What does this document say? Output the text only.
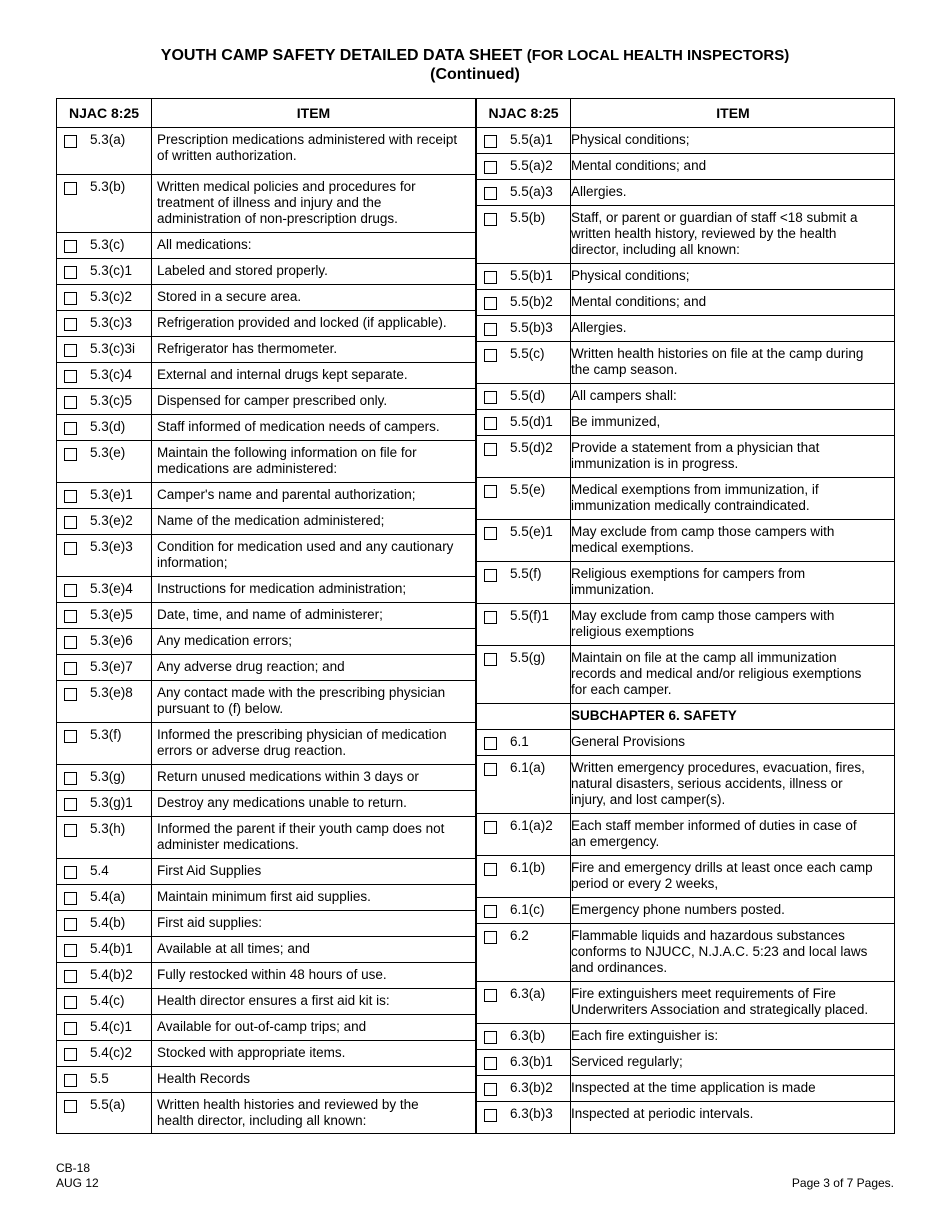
YOUTH CAMP SAFETY DETAILED DATA SHEET (FOR LOCAL HEALTH INSPECTORS)
(Continued)
NJAC 8:25	ITEM	NJAC 8:25	ITEM
5.3(a) Prescription medications administered with receipt
of written authorization.
5.3(b) Written medical policies and procedures for
treatment of illness and injury and the
administration of non-prescription drugs.
5.3(c) All medications:
5.3(c)1 Labeled and stored properly.
5.3(c)2 Stored in a secure area.
5.3(c)3 Refrigeration provided and locked (if applicable).
5.3(c)3i Refrigerator has thermometer.
5.3(c)4 External and internal drugs kept separate.
5.3(c)5 Dispensed for camper prescribed only.
5.3(d) Staff informed of medication needs of campers.
5.3(e) Maintain the following information on file for
medications are administered:
5.3(e)1 Camper's name and parental authorization;
5.3(e)2 Name of the medication administered;
5.3(e)3 Condition for medication used and any cautionary
information;
5.3(e)4 Instructions for medication administration;
5.3(e)5 Date, time, and name of administerer;
5.3(e)6 Any medication errors;
5.3(e)7 Any adverse drug reaction; and
5.3(e)8 Any contact made with the prescribing physician
pursuant to (f) below.
5.3(f)	Informed the prescribing physician of medication
errors or adverse drug reaction.
5.3(g) Return unused medications within 3 days or
5.3(g)1 Destroy any medications unable to return.
5.3(h) Informed the parent if their youth camp does not
administer medications.
5.4	First Aid Supplies
5.4(a) Maintain minimum first aid supplies.
5.4(b) First aid supplies:
5.4(b)1 Available at all times; and
5.4(b)2 Fully restocked within 48 hours of use.
5.4(c) Health director ensures a first aid kit is:
5.4(c)1 Available for out-of-camp trips; and
5.4(c)2 Stocked with appropriate items.
5.5	Health Records
5.5(a) Written health histories and reviewed by the
health director, including all known:
5.5(a)1 Physical conditions;
5.5(a)2 Mental conditions; and
5.5(a)3 Allergies.
5.5(b) Staff, or parent or guardian of staff <18 submit a
written health history, reviewed by the health
director, including all known:
5.5(b)1 Physical conditions;
5.5(b)2 Mental conditions; and
5.5(b)3 Allergies.
5.5(c) Written health histories on file at the camp during
the camp season.
5.5(d) All campers shall:
5.5(d)1 Be immunized,
5.5(d)2 Provide a statement from a physician that
immunization is in progress.
5.5(e) Medical exemptions from immunization, if
immunization medically contraindicated.
5.5(e)1 May exclude from camp those campers with
medical exemptions.
5.5(f) Religious exemptions for campers from
immunization.
5.5(f)1 May exclude from camp those campers with
religious exemptions
5.5(g) Maintain on file at the camp all immunization
records and medical and/or religious exemptions
for each camper.
SUBCHAPTER 6. SAFETY
6.1	General Provisions
6.1(a) Written emergency procedures, evacuation, fires,
natural disasters, serious accidents, illness or
injury, and lost camper(s).
6.1(a)2 Each staff member informed of duties in case of
an emergency.
6.1(b) Fire and emergency drills at least once each camp
period or every 2 weeks,
6.1(c) Emergency phone numbers posted.
6.2	Flammable liquids and hazardous substances
conforms to NJUCC, N.J.A.C. 5:23 and local laws
and ordinances.
6.3(a) Fire extinguishers meet requirements of Fire
Underwriters Association and strategically placed.
6.3(b) Each fire extinguisher is:
6.3(b)1 Serviced regularly;
6.3(b)2 Inspected at the time application is made
6.3(b)3 Inspected at periodic intervals.
CB-18
AUG 12	Page 3 of 7 Pages.
